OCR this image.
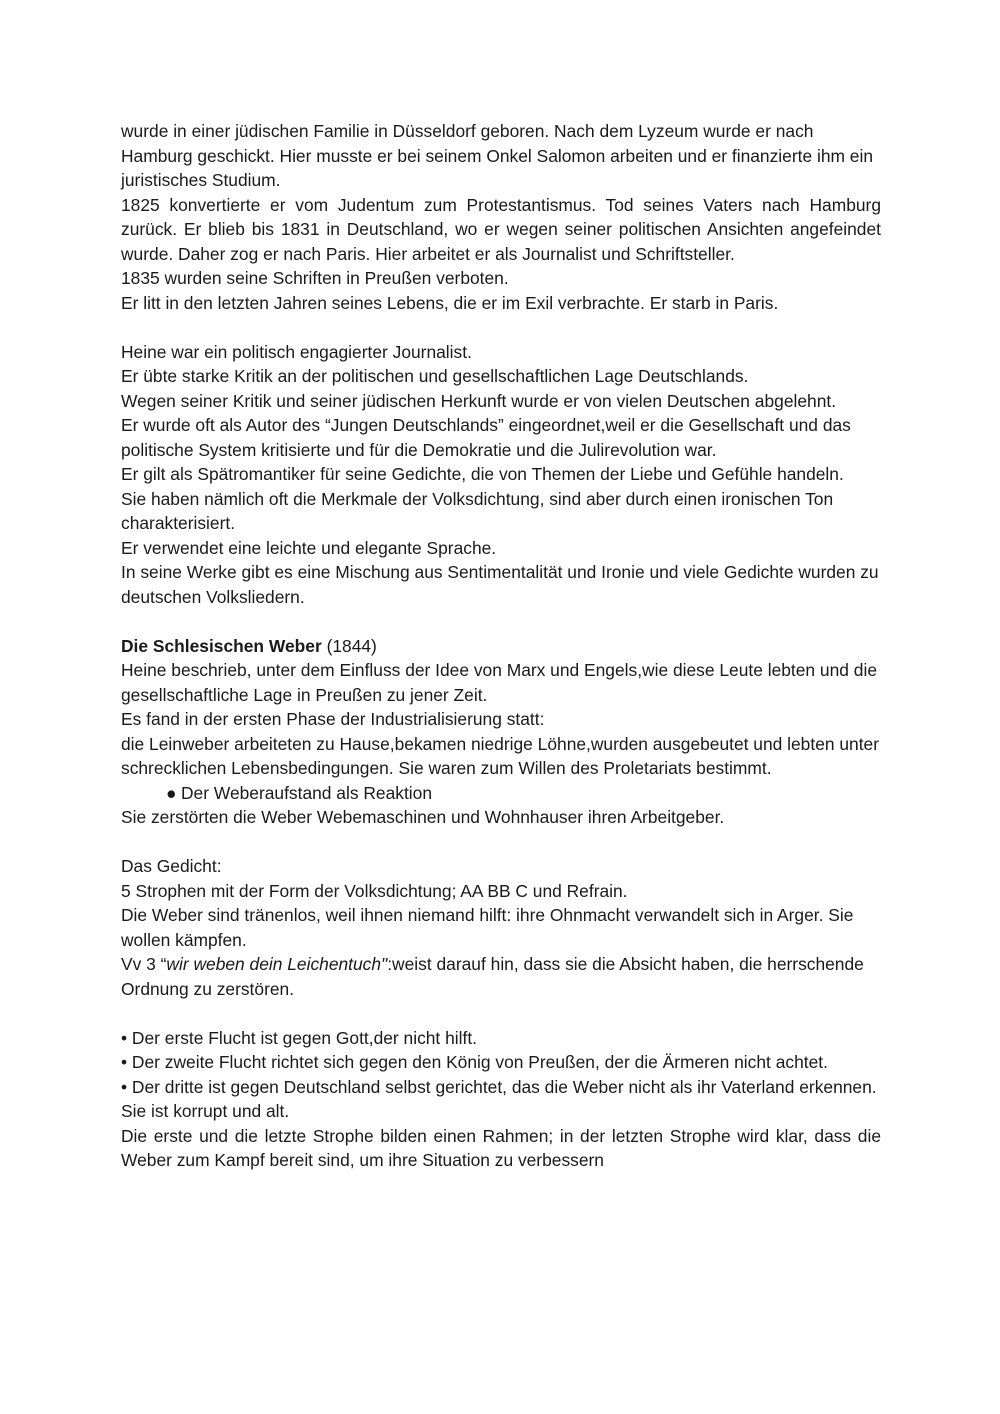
wurde in einer jüdischen Familie in Düsseldorf geboren. Nach dem Lyzeum wurde er nach Hamburg geschickt. Hier musste er bei seinem Onkel Salomon arbeiten und er finanzierte ihm ein juristisches Studium.

1825 konvertierte er vom Judentum zum Protestantismus. Tod seines Vaters nach Hamburg zurück. Er blieb bis 1831 in Deutschland, wo er wegen seiner politischen Ansichten angefeindet wurde. Daher zog er nach Paris. Hier arbeitet er als Journalist und Schriftsteller.

1835 wurden seine Schriften in Preußen verboten.

Er litt in den letzten Jahren seines Lebens, die er im Exil verbrachte. Er starb in Paris.

Heine war ein politisch engagierter Journalist.

Er übte starke Kritik an der politischen und gesellschaftlichen Lage Deutschlands.

Wegen seiner Kritik und seiner jüdischen Herkunft wurde er von vielen Deutschen abgelehnt.

Er wurde oft als Autor des “Jungen Deutschlands” eingeordnet,weil er die Gesellschaft und das politische System kritisierte und für die Demokratie und die Julirevolution war.

Er gilt als Spätromantiker für seine Gedichte, die von Themen der Liebe und Gefühle handeln.

Sie haben nämlich oft die Merkmale der Volksdichtung, sind aber durch einen ironischen Ton charakterisiert.

Er verwendet eine leichte und elegante Sprache.

In seine Werke gibt es eine Mischung aus Sentimentalität und Ironie und viele Gedichte wurden zu deutschen Volksliedern.

Die Schlesischen Weber (1844)

Heine beschrieb, unter dem Einfluss der Idee von Marx und Engels,wie diese Leute lebten und die gesellschaftliche Lage in Preußen zu jener Zeit.

Es fand in der ersten Phase der Industrialisierung statt:

die Leinweber arbeiteten zu Hause,bekamen niedrige Löhne,wurden ausgebeutet und lebten unter schrecklichen Lebensbedingungen. Sie waren zum Willen des Proletariats bestimmt.

● Der Weberaufstand als Reaktion

Sie zerstörten die Weber Webemaschinen und Wohnhauser ihren Arbeitgeber.

Das Gedicht:

5 Strophen mit der Form der Volksdichtung; AA BB C und Refrain.

Die Weber sind tränenlos, weil ihnen niemand hilft: ihre Ohnmacht verwandelt sich in Arger. Sie wollen kämpfen.

Vv 3 “wir weben dein Leichentuch":weist darauf hin, dass sie die Absicht haben, die herrschende Ordnung zu zerstören.

• Der erste Flucht ist gegen Gott,der nicht hilft.

• Der zweite Flucht richtet sich gegen den König von Preußen, der die Ärmeren nicht achtet.

• Der dritte ist gegen Deutschland selbst gerichtet, das die Weber nicht als ihr Vaterland erkennen. Sie ist korrupt und alt.

Die erste und die letzte Strophe bilden einen Rahmen; in der letzten Strophe wird klar, dass die Weber zum Kampf bereit sind, um ihre Situation zu verbessern
